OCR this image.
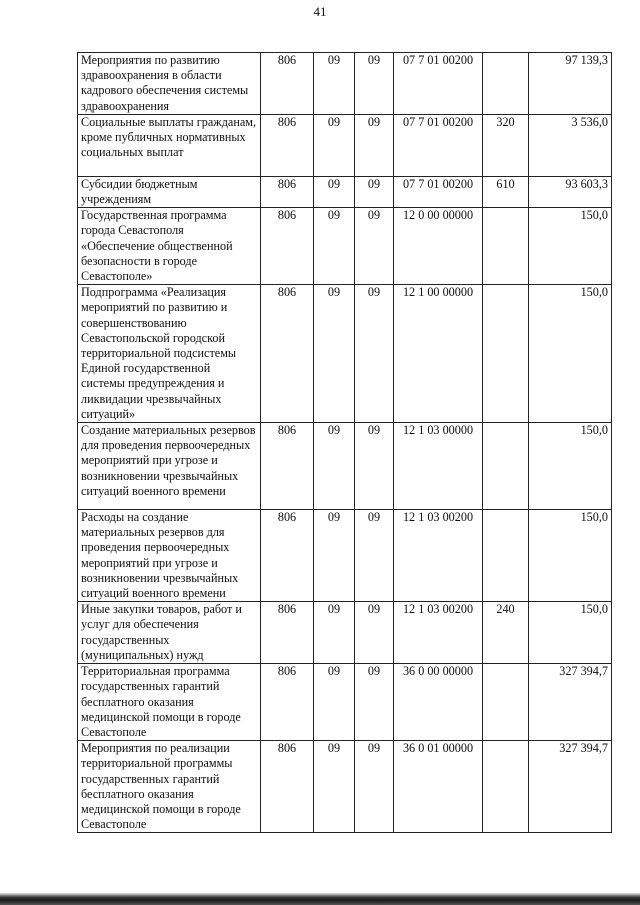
41
Мероприятия по развитию здравоохранения в области кадрового обеспечения системы здравоохранения	806	09	09	07 7 01 00200		97 139,3
Социальные выплаты гражданам, кроме публичных нормативных социальных выплат	806	09	09	07 7 01 00200	320	3 536,0
Субсидии бюджетным учреждениям	806	09	09	07 7 01 00200	610	93 603,3
Государственная программа города Севастополя «Обеспечение общественной безопасности в городе Севастополе»	806	09	09	12 0 00 00000		150,0
Подпрограмма «Реализация мероприятий по развитию и совершенствованию Севастопольской городской территориальной подсистемы Единой государственной системы предупреждения и ликвидации чрезвычайных ситуаций»	806	09	09	12 1 00 00000		150,0
Создание материальных резервов для проведения первоочередных мероприятий при угрозе и возникновении чрезвычайных ситуаций военного времени	806	09	09	12 1 03 00000		150,0
Расходы на создание материальных резервов для проведения первоочередных мероприятий при угрозе и возникновении чрезвычайных ситуаций военного времени	806	09	09	12 1 03 00200		150,0
Иные закупки товаров, работ и услуг для обеспечения государственных (муниципальных) нужд	806	09	09	12 1 03 00200	240	150,0
Территориальная программа государственных гарантий бесплатного оказания медицинской помощи в городе Севастополе	806	09	09	36 0 00 00000		327 394,7
Мероприятия по реализации территориальной программы государственных гарантий бесплатного оказания медицинской помощи в городе Севастополе	806	09	09	36 0 01 00000		327 394,7
